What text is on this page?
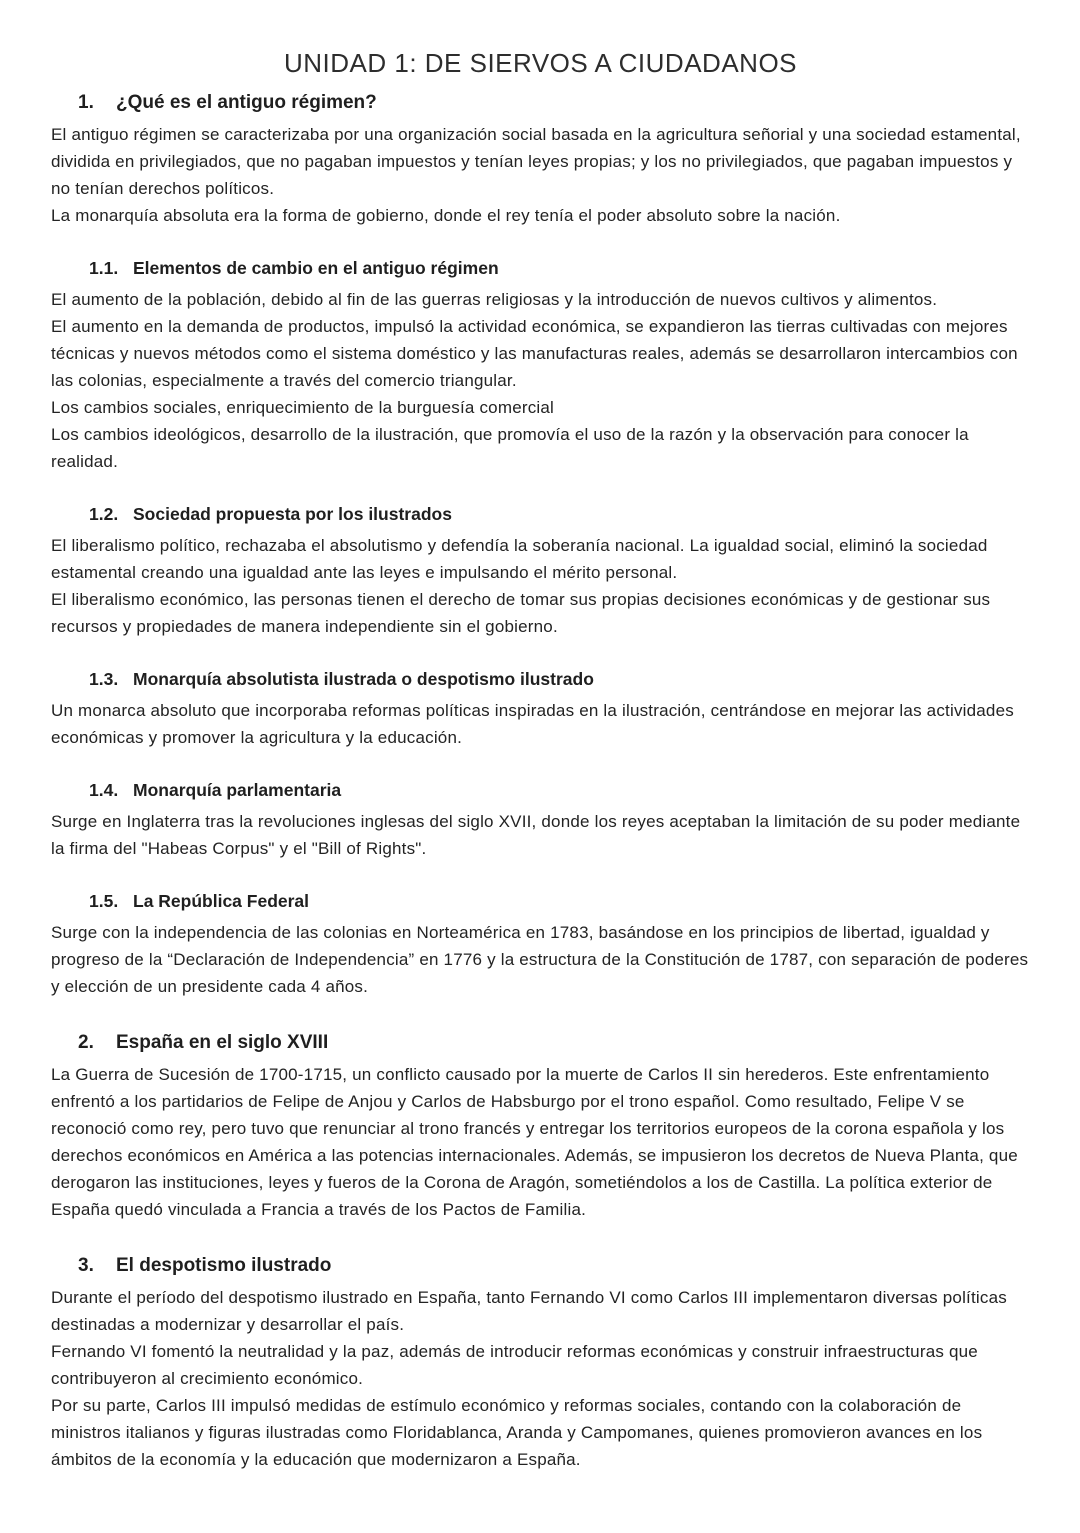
UNIDAD 1: DE SIERVOS A CIUDADANOS
1.	¿Qué es el antiguo régimen?

El antiguo régimen se caracterizaba por una organización social basada en la agricultura señorial y una sociedad estamental, dividida en privilegiados, que no pagaban impuestos y tenían leyes propias; y los no privilegiados, que pagaban impuestos y no tenían derechos políticos.

La monarquía absoluta era la forma de gobierno, donde el rey tenía el poder absoluto sobre la nación.

1.1. Elementos de cambio en el antiguo régimen

El aumento de la población, debido al fin de las guerras religiosas y la introducción de nuevos cultivos y alimentos.

El aumento en la demanda de productos, impulsó la actividad económica, se expandieron las tierras cultivadas con mejores técnicas y nuevos métodos como el sistema doméstico y las manufacturas reales, además se desarrollaron intercambios con las colonias, especialmente a través del comercio triangular.

Los cambios sociales, enriquecimiento de la burguesía comercial

Los cambios ideológicos, desarrollo de la ilustración, que promovía el uso de la razón y la observación para conocer la realidad.

1.2. Sociedad propuesta por los ilustrados

El liberalismo político, rechazaba el absolutismo y defendía la soberanía nacional. La igualdad social, eliminó la sociedad estamental creando una igualdad ante las leyes e impulsando el mérito personal.

El liberalismo económico, las personas tienen el derecho de tomar sus propias decisiones económicas y de gestionar sus recursos y propiedades de manera independiente sin el gobierno.

1.3. Monarquía absolutista ilustrada o despotismo ilustrado

Un monarca absoluto que incorporaba reformas políticas inspiradas en la ilustración, centrándose en mejorar las actividades económicas y promover la agricultura y la educación.

1.4. Monarquía parlamentaria

Surge en Inglaterra tras la revoluciones inglesas del siglo XVII, donde los reyes aceptaban la limitación de su poder mediante la firma del "Habeas Corpus" y el "Bill of Rights".

1.5. La República Federal

Surge con la independencia de las colonias en Norteamérica en 1783, basándose en los principios de libertad, igualdad y progreso de la “Declaración de Independencia” en 1776 y la estructura de la Constitución de 1787, con separación de poderes y elección de un presidente cada 4 años.

2.	España en el siglo XVIII

La Guerra de Sucesión de 1700-1715, un conflicto causado por la muerte de Carlos II sin herederos. Este enfrentamiento enfrentó a los partidarios de Felipe de Anjou y Carlos de Habsburgo por el trono español. Como resultado, Felipe V se reconoció como rey, pero tuvo que renunciar al trono francés y entregar los territorios europeos de la corona española y los derechos económicos en América a las potencias internacionales. Además, se impusieron los decretos de Nueva Planta, que derogaron las instituciones, leyes y fueros de la Corona de Aragón, sometiéndolos a los de Castilla. La política exterior de España quedó vinculada a Francia a través de los Pactos de Familia.

3.	El despotismo ilustrado

Durante el período del despotismo ilustrado en España, tanto Fernando VI como Carlos III implementaron diversas políticas destinadas a modernizar y desarrollar el país.

Fernando VI fomentó la neutralidad y la paz, además de introducir reformas económicas y construir infraestructuras que contribuyeron al crecimiento económico.

Por su parte, Carlos III impulsó medidas de estímulo económico y reformas sociales, contando con la colaboración de ministros italianos y figuras ilustradas como Floridablanca, Aranda y Campomanes, quienes promovieron avances en los ámbitos de la economía y la educación que modernizaron a España.
